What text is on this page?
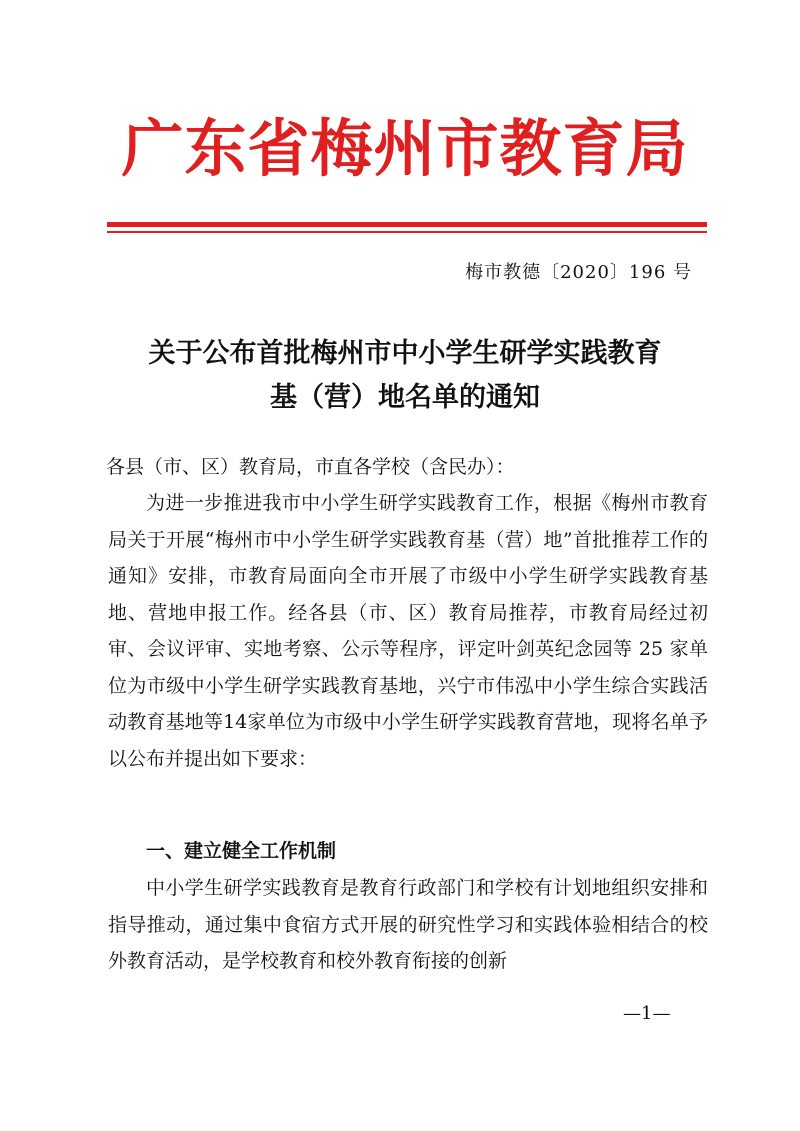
广东省梅州市教育局
梅市教德〔2020〕196 号
关于公布首批梅州市中小学生研学实践教育
基（营）地名单的通知
各县（市、区）教育局，市直各学校（含民办）：

为进一步推进我市中小学生研学实践教育工作，根据《梅州市教育局关于开展“梅州市中小学生研学实践教育基（营）地”首批推荐工作的通知》安排，市教育局面向全市开展了市级中小学生研学实践教育基地、营地申报工作。经各县（市、区）教育局推荐，市教育局经过初审、会议评审、实地考察、公示等程序，评定叶剑英纪念园等 25 家单位为市级中小学生研学实践教育基地，兴宁市伟泓中小学生综合实践活动教育基地等14家单位为市级中小学生研学实践教育营地，现将名单予以公布并提出如下要求：

一、建立健全工作机制

中小学生研学实践教育是教育行政部门和学校有计划地组织安排和指导推动，通过集中食宿方式开展的研究性学习和实践体验相结合的校外教育活动，是学校教育和校外教育衔接的创新

—1—
